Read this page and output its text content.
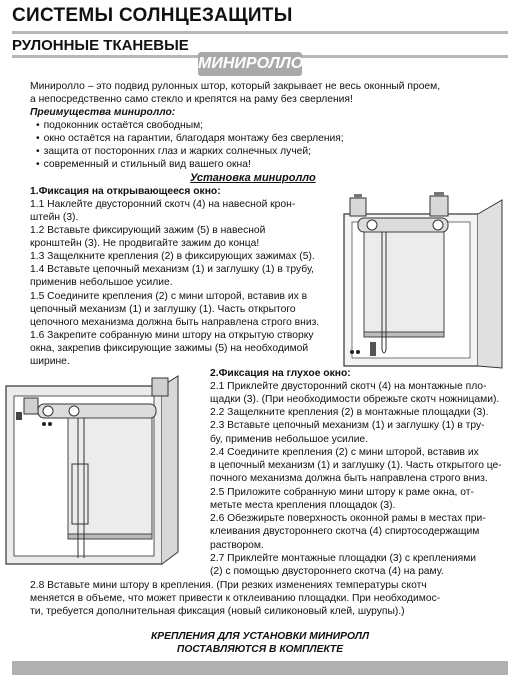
СИСТЕМЫ СОЛНЦЕЗАЩИТЫ
РУЛОННЫЕ ТКАНЕВЫЕ
МИНИРОЛЛО
Миниролло – это подвид рулонных штор, который закрывает не весь оконный проем,
а непосредственно само стекло и крепятся на раму без сверления!
Преимущества миниролло:
• подоконник остаётся свободным;
• окно остаётся на гарантии, благодаря монтажу без сверления;
• защита от посторонних глаз и жарких солнечных лучей;
• современный и стильный вид вашего окна!
Установка миниролло
1.Фиксация на открывающееся окно:
1.1 Наклейте двусторонний скотч (4) на навесной крон-
штейн (3).
1.2 Вставьте фиксирующий зажим (5) в навесной
кронштейн (3). Не продвигайте зажим до конца!
1.3 Защелкните крепления (2) в фиксирующих зажимах (5).
1.4 Вставьте цепочный механизм (1) и заглушку (1) в трубу,
применив небольшое усилие.
1.5 Соедините крепления (2) с мини шторой, вставив их в
цепочный механизм (1) и заглушку (1). Часть открытого
цепочного механизма должна быть направлена строго вниз.
1.6 Закрепите собранную мини штору на открытую створку
окна, закрепив фиксирующие зажимы (5) на необходимой
ширине.
2.Фиксация на глухое окно:
2.1 Приклейте двусторонний скотч (4) на монтажные пло-
щадки (3). (При необходимости обрежьте скотч ножницами).
2.2 Защелкните крепления (2) в монтажные площадки (3).
2.3 Вставьте цепочный механизм (1) и заглушку (1) в тру-
бу, применив небольшое усилие.
2.4 Соедините крепления (2) с мини шторой, вставив их
в цепочный механизм (1) и заглушку (1). Часть открытого це-
почного механизма должна быть направлена строго вниз.
2.5 Приложите собранную мини штору к раме окна, от-
метьте места крепления площадок (3).
2.6 Обезжирьте поверхность оконной рамы в местах при-
клеивания двустороннего скотча (4) спиртосодержащим
раствором.
2.7 Приклейте монтажные площадки (3) с креплениями
(2) с помощью двустороннего скотча (4) на раму.
2.8 Вставьте мини штору в крепления. (При резких изменениях температуры скотч
меняется в объеме, что может привести к отклеиванию площадки. При необходимос-
ти, требуется дополнительная фиксация (новый силиконовый клей, шурупы).)
КРЕПЛЕНИЯ ДЛЯ УСТАНОВКИ МИНИРОЛЛ
ПОСТАВЛЯЮТСЯ В КОМПЛЕКТЕ
